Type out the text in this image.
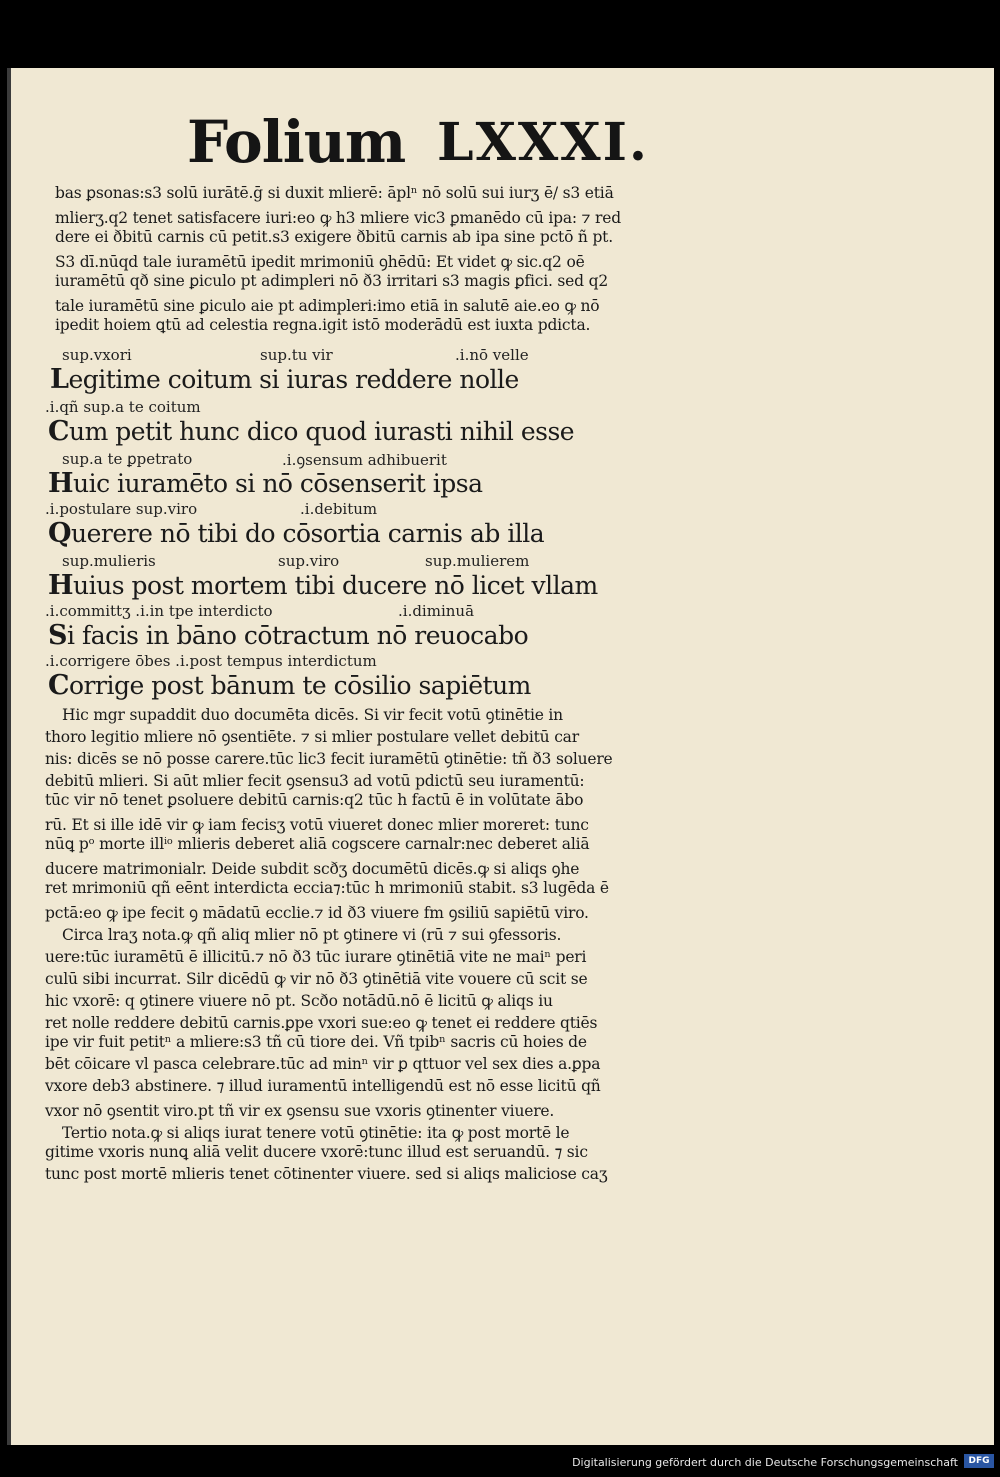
Folium LXXXI.
bas ꝑsonas:s3 solū iurātē.ḡ si duxit mlierē: āplⁿ nō solū sui iurʒ ē/ s3 etiā
mlierʒ.q2 tenet satisfacere iuri:eo ꝙ h3 mliere vic3 ꝑmanēdo cū ipa: ⁊ red
dere ei ðbitū carnis cū petit.s3 exigere ðbitū carnis ab ipa sine pctō ñ pt.
S3 dī.nūqd tale iuramētū ipedit mrimoniū ꝯhēdū: Et videt ꝙ sic.q2 oē
iuramētū qð sine ꝑiculo pt adimpleri nō ð3 irritari s3 magis ꝑfici. sed q2
tale iuramētū sine ꝑiculo aie pt adimpleri:imo etiā in salutē aie.eo ꝙ nō
ipedit hoiem ꝗtū ad celestia regna.igit istō moderādū est iuxta pdicta.
sup.vxori	sup.tu vir	.i.nō velle
Legitime coitum si iuras reddere nolle
.i.qñ sup.a te coitum
Cum petit hunc dico quod iurasti nihil esse
sup.a te ꝑpetrato	.i.ꝯsensum adhibuerit
Huic iuramēto si nō cōsenserit ipsa
.i.postulare sup.viro	.i.debitum
Querere nō tibi do cōsortia carnis ab illa
sup.mulieris	sup.viro	sup.mulierem
Huius post mortem tibi ducere nō licet vllam
.i.committʒ .i.in tpe interdicto	.i.diminuā
Si facis in bāno cōtractum nō reuocabo
.i.corrigere ōbes .i.post tempus interdictum
Corrige post bānum te cōsilio sapiētum
Hic mgr supaddit duo documēta dicēs. Si vir fecit votū ꝯtinētie in
thoro legitio mliere nō ꝯsentiēte. ⁊ si mlier postulare vellet debitū car
nis: dicēs se nō posse carere.tūc lic3 fecit iuramētū ꝯtinētie: tñ ð3 soluere
debitū mlieri. Si aūt mlier fecit ꝯsensu3 ad votū pdictū seu iuramentū:
tūc vir nō tenet ꝑsoluere debitū carnis:q2 tūc h factū ē in volūtate ābo
rū. Et si ille idē vir ꝙ iam fecisʒ votū viueret donec mlier moreret: tunc
nūꝗ pᵒ morte illⁱᵒ mlieris deberet aliā cogscere carnalr:nec deberet aliā
ducere matrimonialr. Deide subdit scðʒ documētū dicēs.ꝙ si aliqs ꝯhe
ret mrimoniū qñ eēnt interdicta eccia⁊:tūc h mrimoniū stabit. s3 lugēda ē
pctā:eo ꝙ ipe fecit ꝯ mādatū ecclie.⁊ id ð3 viuere fm ꝯsiliū sapiētū viro.
Circa lraʒ nota.ꝙ qñ aliq mlier nō pt ꝯtinere vi (rū ⁊ sui ꝯfessoris.
uere:tūc iuramētū ē illicitū.⁊ nō ð3 tūc iurare ꝯtinētiā vite ne maiⁿ peri
culū sibi incurrat. Silr dicēdū ꝙ vir nō ð3 ꝯtinētiā vite vouere cū scit se
hic vxorē: q ꝯtinere viuere nō pt. Scðo notādū.nō ē licitū ꝙ aliqs iu
ret nolle reddere debitū carnis.ꝑpe vxori sue:eo ꝙ tenet ei reddere qtiēs
ipe vir fuit petitⁿ a mliere:s3 tñ cū tiore dei. Vñ tpibⁿ sacris cū hoies de
bēt cōicare vl pasca celebrare.tūc ad minⁿ vir ꝑ qttuor vel sex dies a.ꝑpa
vxore deb3 abstinere. ⁊ illud iuramentū intelligendū est nō esse licitū qñ
vxor nō ꝯsentit viro.pt tñ vir ex ꝯsensu sue vxoris ꝯtinenter viuere.
Tertio nota.ꝙ si aliqs iurat tenere votū ꝯtinētie: ita ꝙ post mortē le
gitime vxoris nunꝗ aliā velit ducere vxorē:tunc illud est seruandū. ⁊ sic
tunc post mortē mlieris tenet cōtinenter viuere. sed si aliqs maliciose caʒ
Digitalisierung gefördert durch die Deutsche Forschungsgemeinschaft	DFG
